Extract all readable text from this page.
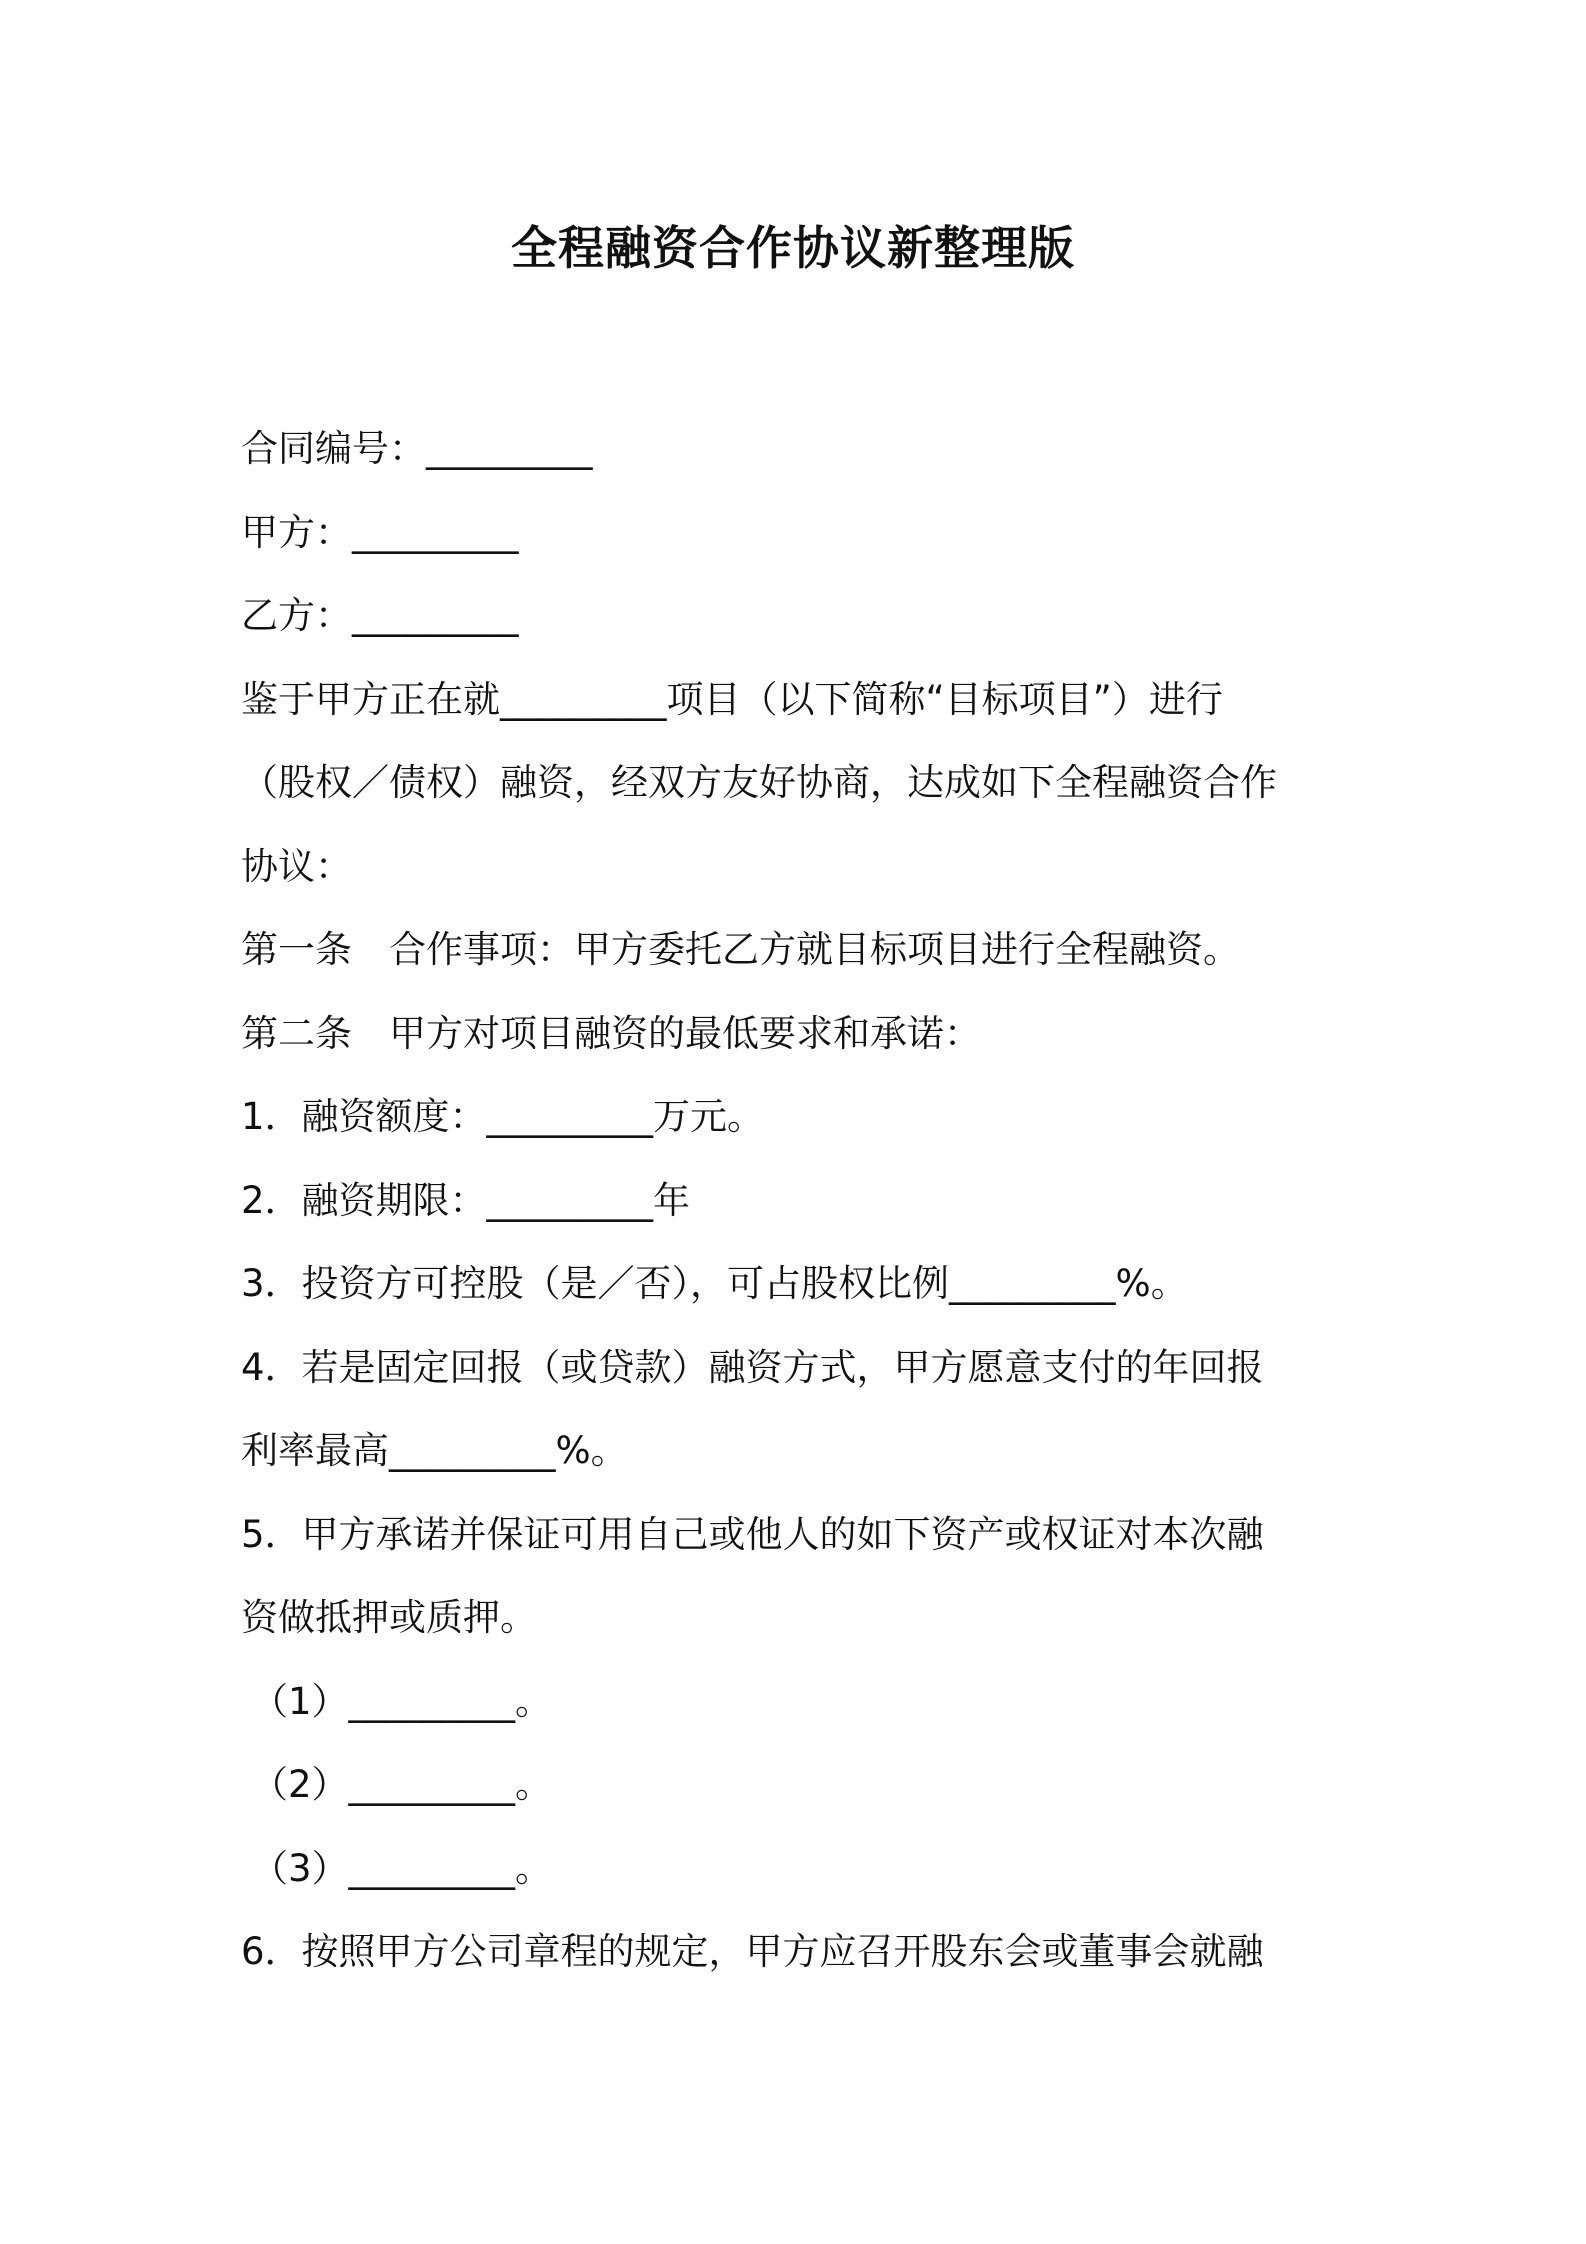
全程融资合作协议新整理版
合同编号：_________
甲方：_________
乙方：_________
鉴于甲方正在就_________项目（以下简称“目标项目”）进行
（股权／债权）融资，经双方友好协商，达成如下全程融资合作
协议：
第一条　合作事项：甲方委托乙方就目标项目进行全程融资。
第二条　甲方对项目融资的最低要求和承诺：
1．融资额度：_________万元。
2．融资期限：_________年
3．投资方可控股（是／否），可占股权比例_________%。
4．若是固定回报（或贷款）融资方式，甲方愿意支付的年回报
利率最高_________%。
5．甲方承诺并保证可用自己或他人的如下资产或权证对本次融
资做抵押或质押。
（1）_________。
（2）_________。
（3）_________。
6．按照甲方公司章程的规定，甲方应召开股东会或董事会就融
